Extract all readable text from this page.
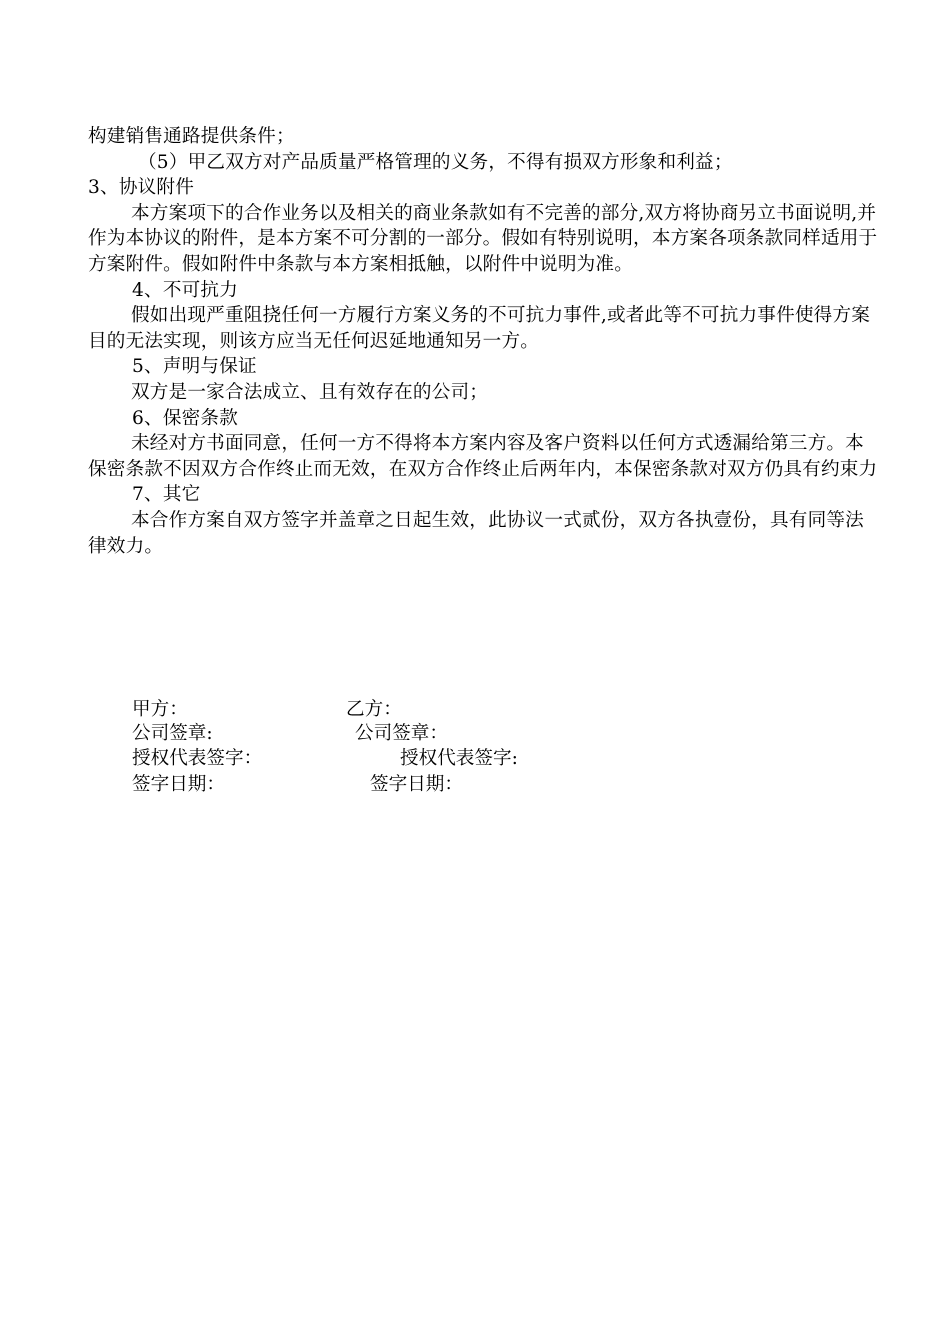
构建销售通路提供条件；

（5）甲乙双方对产品质量严格管理的义务，不得有损双方形象和利益；

3、协议附件

本方案项下的合作业务以及相关的商业条款如有不完善的部分,双方将协商另立书面说明,并作为本协议的附件，是本方案不可分割的一部分。假如有特别说明，本方案各项条款同样适用于方案附件。假如附件中条款与本方案相抵触，以附件中说明为准。

4、不可抗力

假如出现严重阻挠任何一方履行方案义务的不可抗力事件,或者此等不可抗力事件使得方案目的无法实现，则该方应当无任何迟延地通知另一方。

5、声明与保证

双方是一家合法成立、且有效存在的公司；

6、保密条款

未经对方书面同意，任何一方不得将本方案内容及客户资料以任何方式透漏给第三方。本保密条款不因双方合作终止而无效，在双方合作终止后两年内，本保密条款对双方仍具有约束力

7、其它

本合作方案自双方签字并盖章之日起生效，此协议一式贰份，双方各执壹份，具有同等法律效力。

甲方：	乙方：
公司签章:	公司签章：
授权代表签字：	授权代表签字:
签字日期：	签字日期：
